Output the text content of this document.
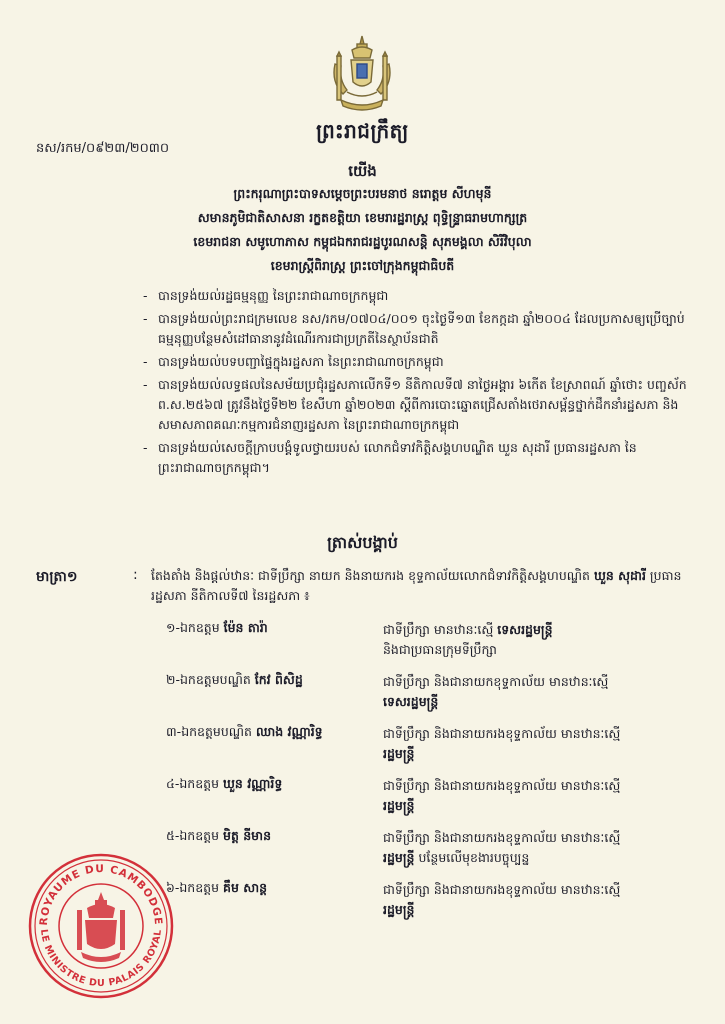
ព្រះរាជក្រឹត្យ
នស/រកម/០៩២៣/២០៣០
យើង
ព្រះករុណាព្រះបាទសម្តេចព្រះបរមនាថ នរោត្តម សីហមុនី
សមានភូមិជាតិសាសនា រក្ខតខត្តិយា ខេមរារដ្ឋរាស្ត្រ ពុទ្ធិន្ទ្រាធរាមហាក្សត្រ
ខេមរាជនា សមូហោភាស កម្ពុជឯករាជរដ្ឋបូរណសន្តិ សុភមង្គលា សិរីវិបុលា
ខេមរាស្ត្រីពិរាស្ត្រ ព្រះចៅក្រុងកម្ពុជាធិបតី
- បានទ្រង់យល់រដ្ឋធម្មនុញ្ញ នៃព្រះរាជាណាចក្រកម្ពុជា
- បានទ្រង់យល់ព្រះរាជក្រមលេខ នស/រកម/០៧០៤/០០១ ចុះថ្ងៃទី១៣ ខែកក្កដា ឆ្នាំ២០០៤ ដែលប្រកាសឲ្យប្រើច្បាប់ធម្មនុញ្ញបន្ថែមសំដៅធានានូវដំណើរការជាប្រក្រតីនៃស្ថាប័នជាតិ
- បានទ្រង់យល់បទបញ្ជាផ្ទៃក្នុងរដ្ឋសភា នៃព្រះរាជាណាចក្រកម្ពុជា
- បានទ្រង់យល់លទ្ធផលនៃសម័យប្រជុំរដ្ឋសភាលើកទី១ នីតិកាលទី៧ នាថ្ងៃអង្គារ ៦កើត ខែស្រាពណ៍ ឆ្នាំថោះ បញ្ចស័ក ព.ស.២៥៦៧ ត្រូវនឹងថ្ងៃទី២២ ខែសីហា ឆ្នាំ២០២៣ ស្តីពីការបោះឆ្នោតជ្រើសតាំងថេរាសម្ព័ន្ធថ្នាក់ដឹកនាំរដ្ឋសភា និងសមាសភាពគណៈកម្មការជំនាញរដ្ឋសភា នៃព្រះរាជាណាចក្រកម្ពុជា
- បានទ្រង់យល់សេចក្តីក្រាបបង្គំទូលថ្វាយរបស់ លោកជំទាវកិត្តិសង្គហបណ្ឌិត ឃួន សុដារី ប្រធានរដ្ឋសភា នៃព្រះរាជាណាចក្រកម្ពុជា។
ត្រាស់បង្គាប់
មាត្រា១	: តែងតាំង និងផ្តល់ឋានៈ ជាទីប្រឹក្សា នាយក និងនាយករង ខុទ្ទកាល័យលោកជំទាវកិត្តិសង្គហបណ្ឌិត ឃួន សុដារី ប្រធានរដ្ឋសភា នីតិកាលទី៧ នៃរដ្ឋសភា ៖
១-ឯកឧត្តម ម៉ែន តារ៉ា	ជាទីប្រឹក្សា មានឋានៈស្មើ ទេសរដ្ឋមន្ត្រី
និងជាប្រធានក្រុមទីប្រឹក្សា
២-ឯកឧត្តមបណ្ឌិត កែវ ពិសិដ្ឋ	ជាទីប្រឹក្សា និងជានាយកខុទ្ទកាល័យ មានឋានៈស្មើ
ទេសរដ្ឋមន្ត្រី
៣-ឯកឧត្តមបណ្ឌិត ឈាង វណ្ណារិទ្ធ	ជាទីប្រឹក្សា និងជានាយករងខុទ្ទកាល័យ មានឋានៈស្មើ
រដ្ឋមន្ត្រី
៤-ឯកឧត្តម ឃួន វណ្ណារិទ្ធ	ជាទីប្រឹក្សា និងជានាយករងខុទ្ទកាល័យ មានឋានៈស្មើ
រដ្ឋមន្ត្រី
៥-ឯកឧត្តម មិត្ត នីមាន	ជាទីប្រឹក្សា និងជានាយករងខុទ្ទកាល័យ មានឋានៈស្មើ
រដ្ឋមន្ត្រី បន្ថែមលើមុខងារបច្ចុប្បន្ន
៦-ឯកឧត្តម គឹម សាន្ត	ជាទីប្រឹក្សា និងជានាយករងខុទ្ទកាល័យ មានឋានៈស្មើ
រដ្ឋមន្ត្រី
ROYAUME DU CAMBODGE
LE MINISTRE DU PALAIS ROYAL
